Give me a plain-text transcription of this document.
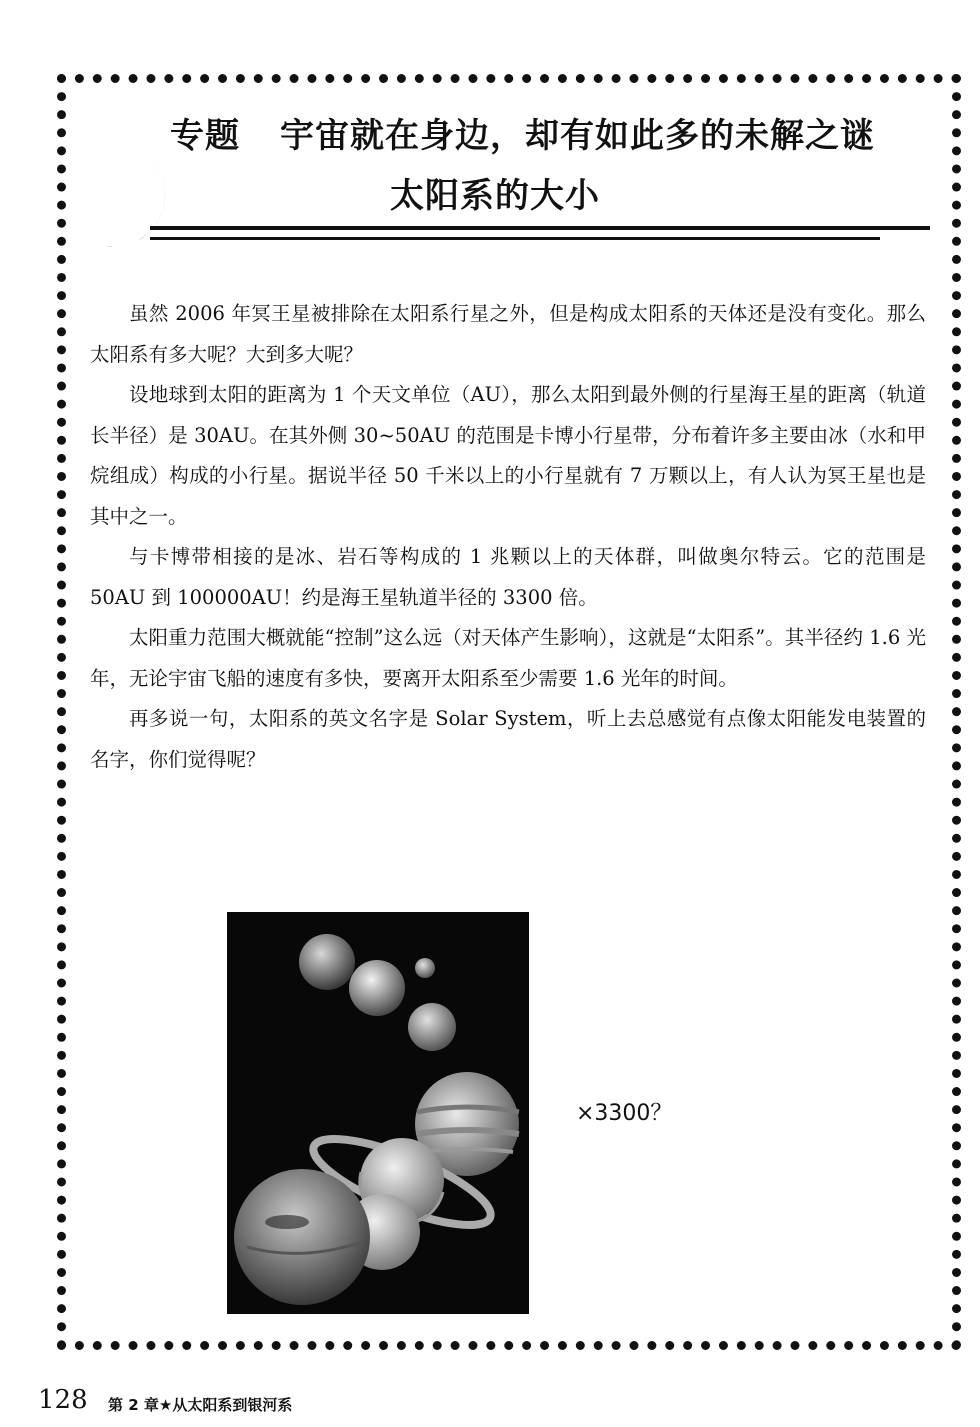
专题 宇宙就在身边，却有如此多的未解之谜
太阳系的大小

虽然 2006 年冥王星被排除在太阳系行星之外，但是构成太阳系的天体还是没有变化。那么太阳系有多大呢？大到多大呢？

设地球到太阳的距离为 1 个天文单位（AU），那么太阳到最外侧的行星海王星的距离（轨道长半径）是 30AU。在其外侧 30~50AU 的范围是卡博小行星带，分布着许多主要由冰（水和甲烷组成）构成的小行星。据说半径 50 千米以上的小行星就有 7 万颗以上，有人认为冥王星也是其中之一。

与卡博带相接的是冰、岩石等构成的 1 兆颗以上的天体群，叫做奥尔特云。它的范围是 50AU 到 100000AU！约是海王星轨道半径的 3300 倍。

太阳重力范围大概就能“控制”这么远（对天体产生影响），这就是“太阳系”。其半径约 1.6 光年，无论宇宙飞船的速度有多快，要离开太阳系至少需要 1.6 光年的时间。

再多说一句，太阳系的英文名字是 Solar System，听上去总感觉有点像太阳能发电装置的名字，你们觉得呢？

×3300？
128 第 2 章★从太阳系到银河系
